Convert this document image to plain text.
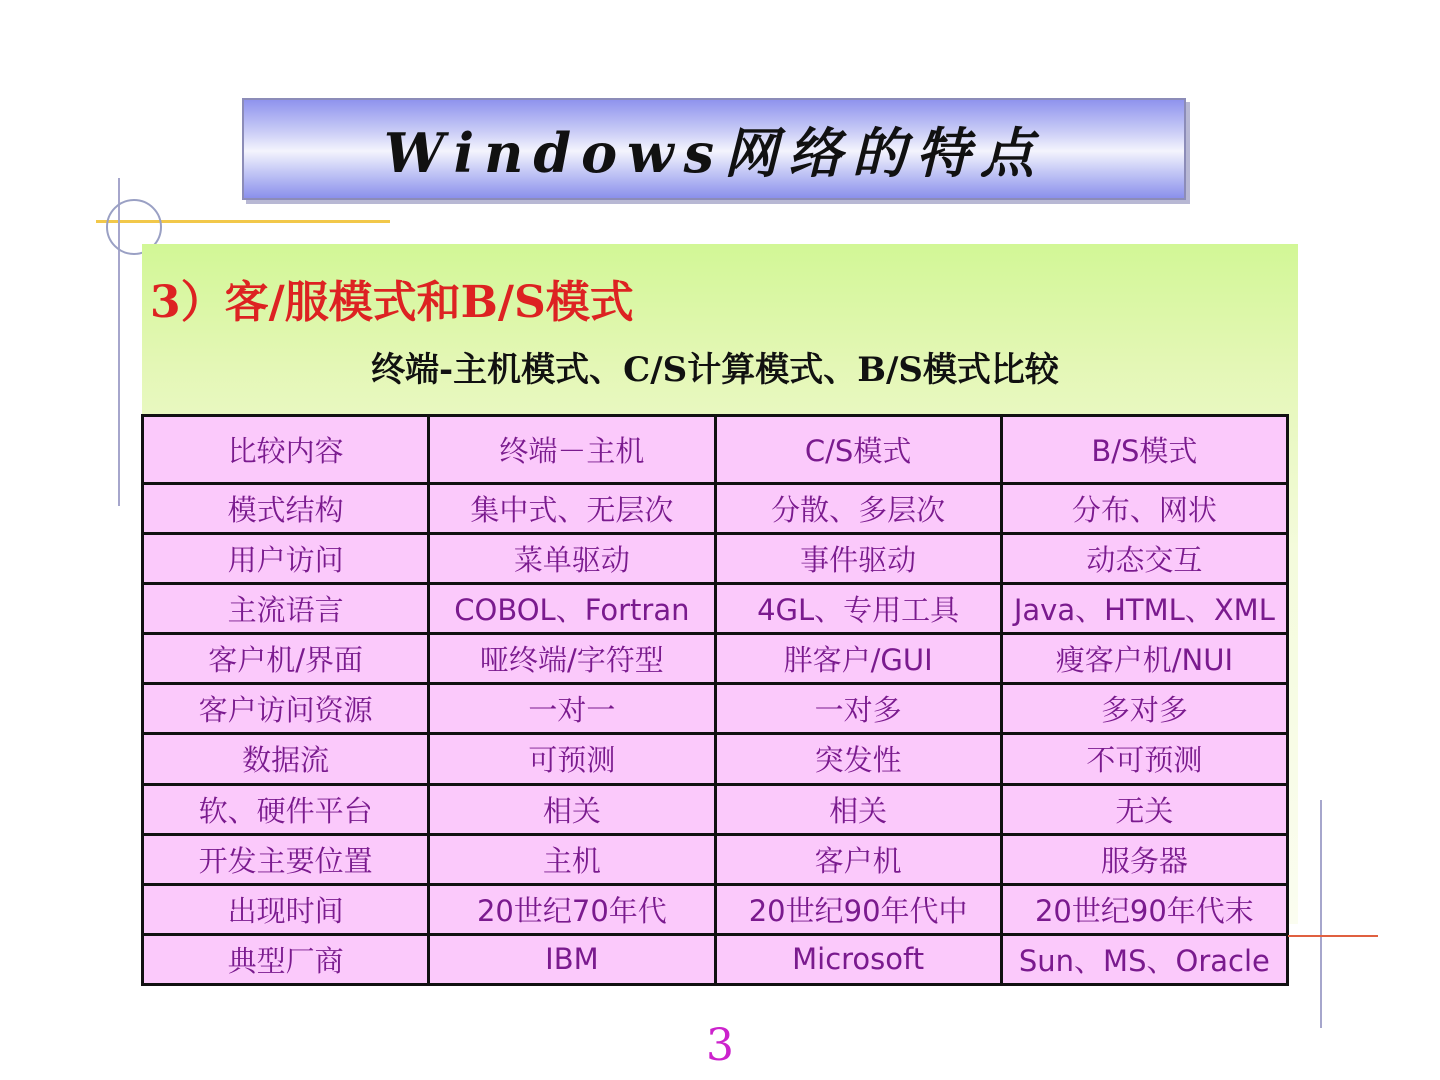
Windows网络的特点
3）客/服模式和B/S模式
终端-主机模式、C/S计算模式、B/S模式比较
比较内容	终端－主机	C/S模式	B/S模式
模式结构	集中式、无层次	分散、多层次	分布、网状
用户访问	菜单驱动	事件驱动	动态交互
主流语言	COBOL、Fortran	4GL、专用工具	Java、HTML、XML
客户机/界面	哑终端/字符型	胖客户/GUI	瘦客户机/NUI
客户访问资源	一对一	一对多	多对多
数据流	可预测	突发性	不可预测
软、硬件平台	相关	相关	无关
开发主要位置	主机	客户机	服务器
出现时间	20世纪70年代	20世纪90年代中	20世纪90年代末
典型厂商	IBM	Microsoft	Sun、MS、Oracle
3
